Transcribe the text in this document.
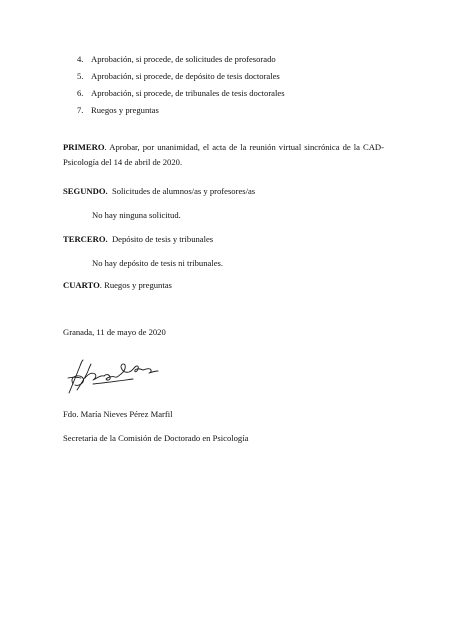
4. Aprobación, si procede, de solicitudes de profesorado
5. Aprobación, si procede, de depósito de tesis doctorales
6. Aprobación, si procede, de tribunales de tesis doctorales
7. Ruegos y preguntas

PRIMERO. Aprobar, por unanimidad, el acta de la reunión virtual sincrónica de la CAD-Psicología del 14 de abril de 2020.

SEGUNDO.  Solicitudes de alumnos/as y profesores/as

No hay ninguna solicitud.

TERCERO.  Depósito de tesis y tribunales

No hay depósito de tesis ni tribunales.

CUARTO. Ruegos y preguntas

Granada, 11 de mayo de 2020

Fdo. María Nieves Pérez Marfil

Secretaria de la Comisión de Doctorado en Psicología
